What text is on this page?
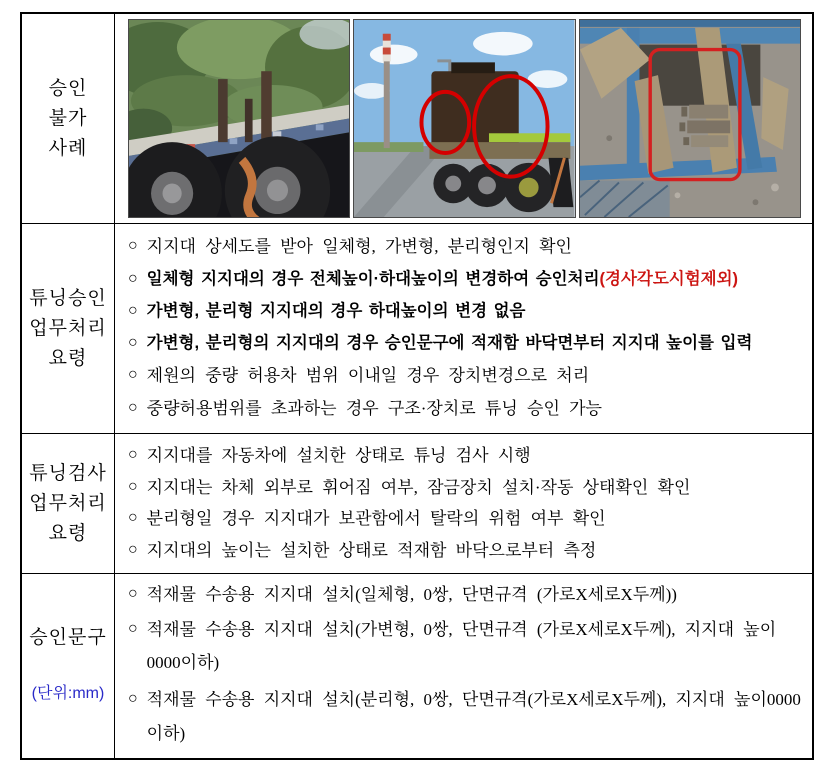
승인
불가
사례
튜닝승인
업무처리
요령
○ 지지대 상세도를 받아 일체형, 가변형, 분리형인지 확인
○ 일체형 지지대의 경우 전체높이·하대높이의 변경하여 승인처리(경사각도시험제외)
○ 가변형, 분리형 지지대의 경우 하대높이의 변경 없음
○ 가변형, 분리형의 지지대의 경우 승인문구에 적재함 바닥면부터 지지대 높이를 입력
○ 제원의 중량 허용차 범위 이내일 경우 장치변경으로 처리
○ 중량허용범위를 초과하는 경우 구조·장치로 튜닝 승인 가능
튜닝검사
업무처리
요령
○ 지지대를 자동차에 설치한 상태로 튜닝 검사 시행
○ 지지대는 차체 외부로 휘어짐 여부, 잠금장치 설치·작동 상태확인 확인
○ 분리형일 경우 지지대가 보관함에서 탈락의 위험 여부 확인
○ 지지대의 높이는 설치한 상태로 적재함 바닥으로부터 측정
승인문구
(단위:mm)
○ 적재물 수송용 지지대 설치(일체형, 0쌍, 단면규격 (가로X세로X두께))
○ 적재물 수송용 지지대 설치(가변형, 0쌍, 단면규격 (가로X세로X두께), 지지대 높이0000이하)
○ 적재물 수송용 지지대 설치(분리형, 0쌍, 단면규격(가로X세로X두께), 지지대 높이0000이하)
